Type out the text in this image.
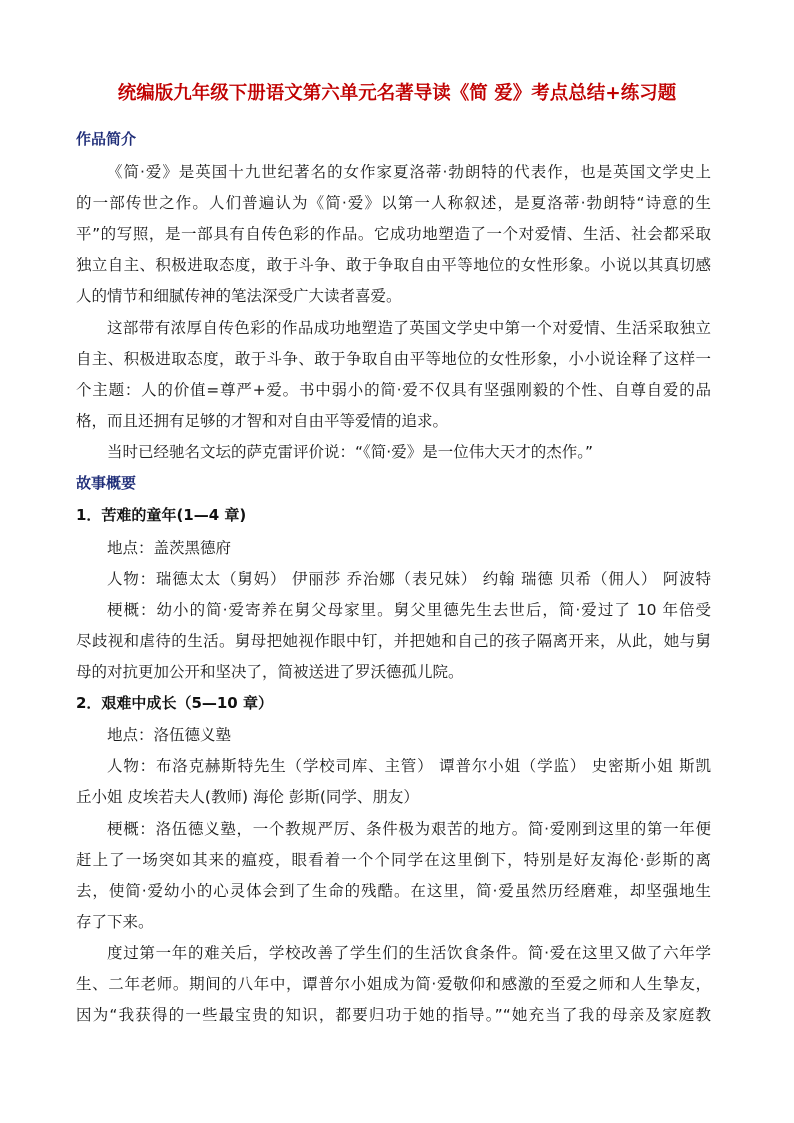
统编版九年级下册语文第六单元名著导读《简 爱》考点总结+练习题
作品简介
《简·爱》是英国十九世纪著名的女作家夏洛蒂·勃朗特的代表作，也是英国文学史上
的一部传世之作。人们普遍认为《简·爱》以第一人称叙述，是夏洛蒂·勃朗特“诗意的生
平”的写照，是一部具有自传色彩的作品。它成功地塑造了一个对爱情、生活、社会都采取
独立自主、积极进取态度，敢于斗争、敢于争取自由平等地位的女性形象。小说以其真切感
人的情节和细腻传神的笔法深受广大读者喜爱。
这部带有浓厚自传色彩的作品成功地塑造了英国文学史中第一个对爱情、生活采取独立
自主、积极进取态度，敢于斗争、敢于争取自由平等地位的女性形象，小小说诠释了这样一
个主题：人的价值=尊严+爱。书中弱小的简·爱不仅具有坚强刚毅的个性、自尊自爱的品
格，而且还拥有足够的才智和对自由平等爱情的追求。
当时已经驰名文坛的萨克雷评价说：“《简·爱》是一位伟大天才的杰作。”
故事概要
1．苦难的童年(1—4 章)
地点：盖茨黑德府
人物：瑞德太太（舅妈） 伊丽莎 乔治娜（表兄妹） 约翰 瑞德 贝希（佣人） 阿波特
梗概：幼小的简·爱寄养在舅父母家里。舅父里德先生去世后，简·爱过了 10 年倍受
尽歧视和虐待的生活。舅母把她视作眼中钉，并把她和自己的孩子隔离开来，从此，她与舅
母的对抗更加公开和坚决了，简被送进了罗沃德孤儿院。
2．艰难中成长（5—10 章）
地点：洛伍德义塾
人物：布洛克赫斯特先生（学校司库、主管） 谭普尔小姐（学监） 史密斯小姐 斯凯
丘小姐 皮埃若夫人(教师) 海伦 彭斯(同学、朋友）
梗概：洛伍德义塾，一个教规严厉、条件极为艰苦的地方。简·爱刚到这里的第一年便
赶上了一场突如其来的瘟疫，眼看着一个个同学在这里倒下，特别是好友海伦·彭斯的离
去，使简·爱幼小的心灵体会到了生命的残酷。在这里，简·爱虽然历经磨难，却坚强地生
存了下来。
度过第一年的难关后，学校改善了学生们的生活饮食条件。简·爱在这里又做了六年学
生、二年老师。期间的八年中，谭普尔小姐成为简·爱敬仰和感激的至爱之师和人生挚友，
因为“我获得的一些最宝贵的知识，都要归功于她的指导。”“她充当了我的母亲及家庭教
